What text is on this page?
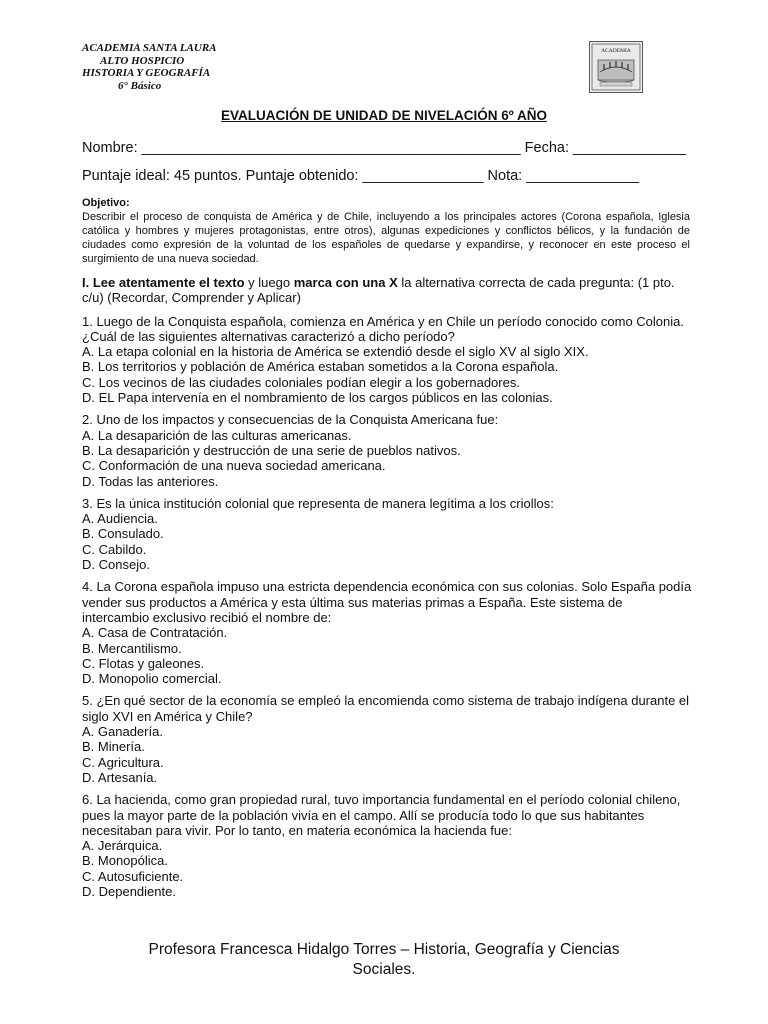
ACADEMIA SANTA LAURA
ALTO HOSPICIO
HISTORIA Y GEOGRAFÍA
6° Básico
ACADEMIA
EVALUACIÓN DE UNIDAD DE NIVELACIÓN 6º AÑO
Nombre: _______________________________________________ Fecha: ______________
Puntaje ideal: 45 puntos. Puntaje obtenido: _______________ Nota: ______________
Objetivo:
Describir el proceso de conquista de América y de Chile, incluyendo a los principales actores (Corona española, Iglesia católica y hombres y mujeres protagonistas, entre otros), algunas expediciones y conflictos bélicos, y la fundación de ciudades como expresión de la voluntad de los españoles de quedarse y expandirse, y reconocer en este proceso el surgimiento de una nueva sociedad.
I. Lee atentamente el texto y luego marca con una X la alternativa correcta de cada pregunta: (1 pto. c/u) (Recordar, Comprender y Aplicar)
1. Luego de la Conquista española, comienza en América y en Chile un período conocido como Colonia. ¿Cuál de las siguientes alternativas caracterizó a dicho período?
A. La etapa colonial en la historia de América se extendió desde el siglo XV al siglo XIX.
B. Los territorios y población de América estaban sometidos a la Corona española.
C. Los vecinos de las ciudades coloniales podían elegir a los gobernadores.
D. EL Papa intervenía en el nombramiento de los cargos públicos en las colonias.
2. Uno de los impactos y consecuencias de la Conquista Americana fue:
A. La desaparición de las culturas americanas.
B. La desaparición y destrucción de una serie de pueblos nativos.
C. Conformación de una nueva sociedad americana.
D. Todas las anteriores.
3. Es la única institución colonial que representa de manera legítima a los criollos:
A. Audiencia.
B. Consulado.
C. Cabildo.
D. Consejo.
4. La Corona española impuso una estricta dependencia económica con sus colonias. Solo España podía vender sus productos a América y esta última sus materias primas a España. Este sistema de intercambio exclusivo recibió el nombre de:
A. Casa de Contratación.
B. Mercantilismo.
C. Flotas y galeones.
D. Monopolio comercial.
5. ¿En qué sector de la economía se empleó la encomienda como sistema de trabajo indígena durante el siglo XVI en América y Chile?
A. Ganadería.
B. Minería.
C. Agricultura.
D. Artesanía.
6. La hacienda, como gran propiedad rural, tuvo importancia fundamental en el período colonial chileno, pues la mayor parte de la población vivía en el campo. Allí se producía todo lo que sus habitantes necesitaban para vivir. Por lo tanto, en materia económica la hacienda fue:
A. Jerárquica.
B. Monopólica.
C. Autosuficiente.
D. Dependiente.
Profesora Francesca Hidalgo Torres – Historia, Geografía y Ciencias
Sociales.
